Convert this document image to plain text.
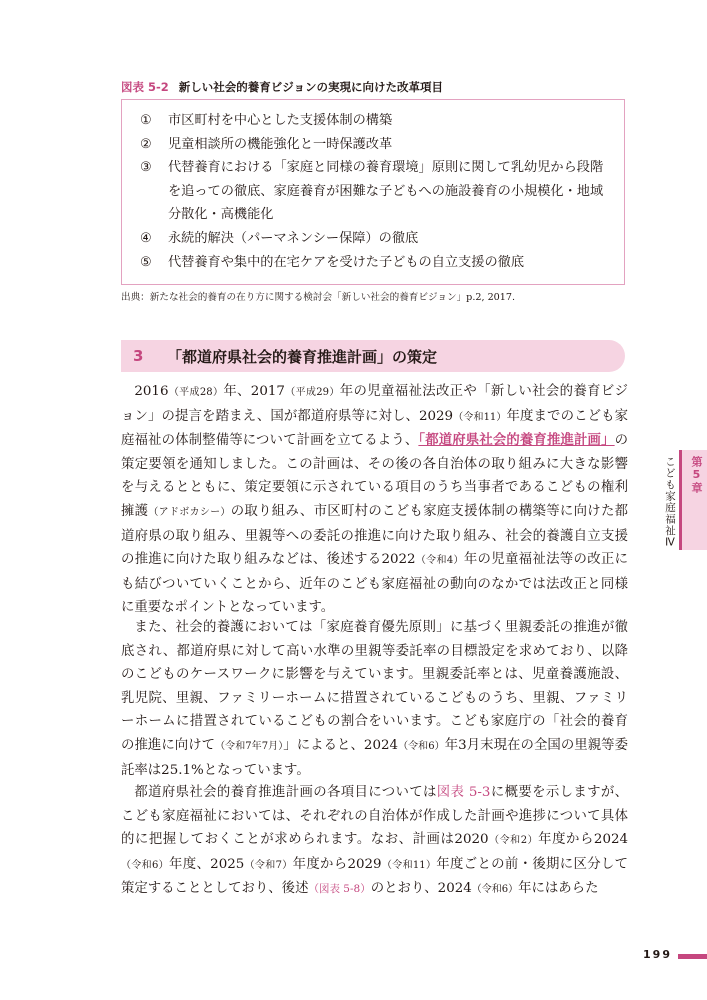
図表 5-2 新しい社会的養育ビジョンの実現に向けた改革項目
①	市区町村を中心とした支援体制の構築
②	児童相談所の機能強化と一時保護改革
③	代替養育における「家庭と同様の養育環境」原則に関して乳幼児から段階を追っての徹底、家庭養育が困難な子どもへの施設養育の小規模化・地域分散化・高機能化
④	永続的解決（パーマネンシー保障）の徹底
⑤	代替養育や集中的在宅ケアを受けた子どもの自立支援の徹底
出典：新たな社会的養育の在り方に関する検討会「新しい社会的養育ビジョン」p.2, 2017.
3	「都道府県社会的養育推進計画」の策定

2016（平成28）年、2017（平成29）年の児童福祉法改正や「新しい社会的養育ビジョン」の提言を踏まえ、国が都道府県等に対し、2029（令和11）年度までのこども家庭福祉の体制整備等について計画を立てるよう、「都道府県社会的養育推進計画」の策定要領を通知しました。この計画は、その後の各自治体の取り組みに大きな影響を与えるとともに、策定要領に示されている項目のうち当事者であるこどもの権利擁護（アドボカシー）の取り組み、市区町村のこども家庭支援体制の構築等に向けた都道府県の取り組み、里親等への委託の推進に向けた取り組み、社会的養護自立支援の推進に向けた取り組みなどは、後述する2022（令和4）年の児童福祉法等の改正にも結びついていくことから、近年のこども家庭福祉の動向のなかでは法改正と同様に重要なポイントとなっています。

また、社会的養護においては「家庭養育優先原則」に基づく里親委託の推進が徹底され、都道府県に対して高い水準の里親等委託率の目標設定を求めており、以降のこどものケースワークに影響を与えています。里親委託率とは、児童養護施設、乳児院、里親、ファミリーホームに措置されているこどものうち、里親、ファミリーホームに措置されているこどもの割合をいいます。こども家庭庁の「社会的養育の推進に向けて（令和7年7月）」によると、2024（令和6）年3月末現在の全国の里親等委託率は25.1%となっています。

都道府県社会的養育推進計画の各項目については図表 5-3に概要を示しますが、こども家庭福祉においては、それぞれの自治体が作成した計画や進捗について具体的に把握しておくことが求められます。なお、計画は2020（令和2）年度から2024（令和6）年度、2025（令和7）年度から2029（令和11）年度ごとの前・後期に区分して策定することとしており、後述（図表 5-8）のとおり、2024（令和6）年にはあらた

第5章
こども家庭福祉Ⅳ
199
